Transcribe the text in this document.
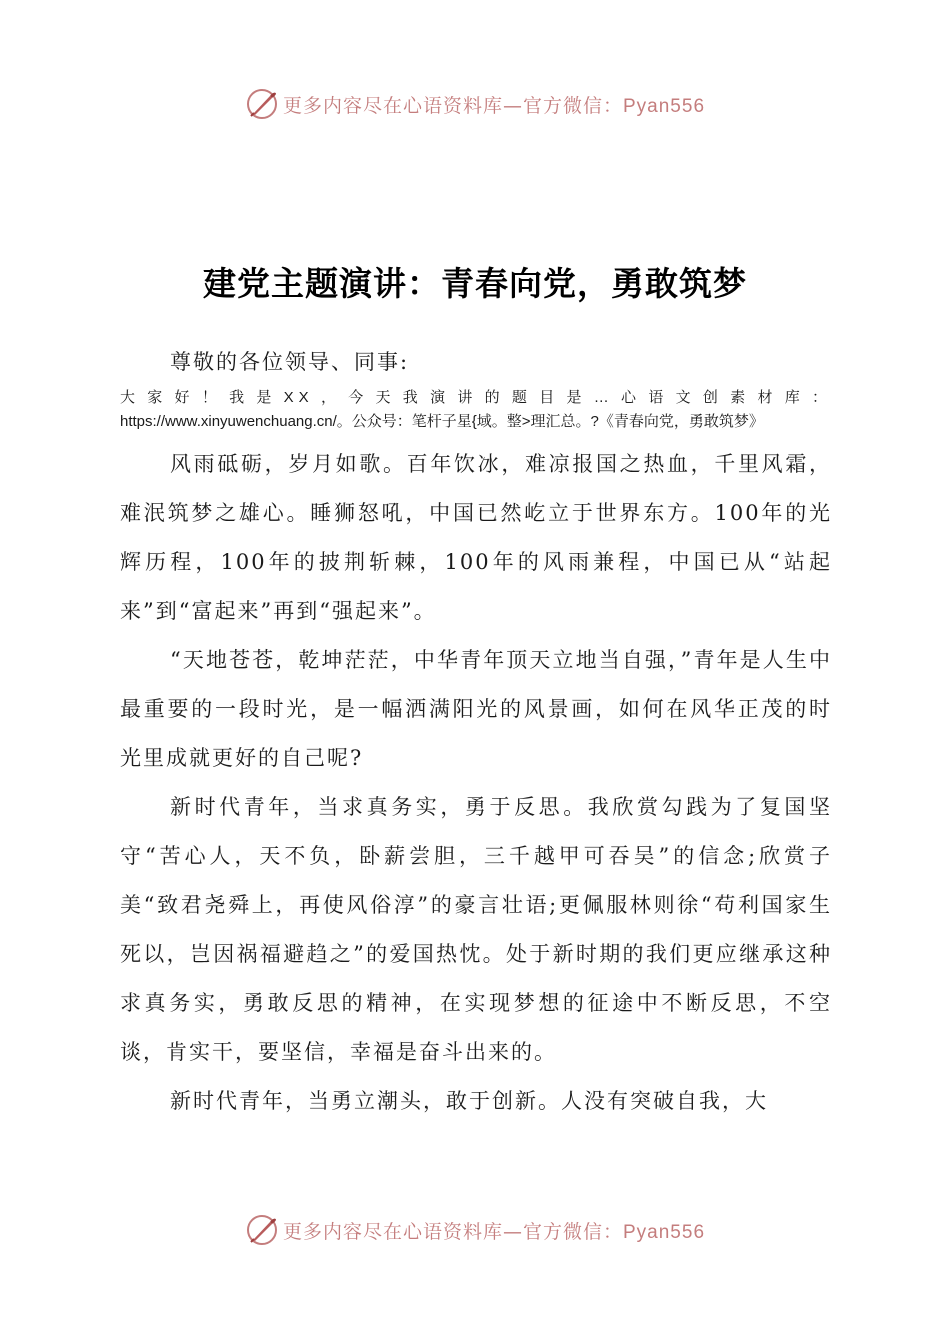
更多内容尽在心语资料库—官方微信：Pyan556
建党主题演讲：青春向党，勇敢筑梦

尊敬的各位领导、同事:

大家好！我是XX，今天我演讲的题目是…心语文创素材库：https://www.xinyuwenchuang.cn/。公众号：笔杆子星{域。整>理汇总。?《青春向党，勇敢筑梦》

风雨砥砺，岁月如歌。百年饮冰，难凉报国之热血，千里风霜，难泯筑梦之雄心。睡狮怒吼，中国已然屹立于世界东方。100年的光辉历程，100年的披荆斩棘，100年的风雨兼程，中国已从“站起来”到“富起来”再到“强起来”。

“天地苍苍，乾坤茫茫，中华青年顶天立地当自强，”青年是人生中最重要的一段时光，是一幅洒满阳光的风景画，如何在风华正茂的时光里成就更好的自己呢?

新时代青年，当求真务实，勇于反思。我欣赏勾践为了复国坚守“苦心人，天不负，卧薪尝胆，三千越甲可吞吴”的信念;欣赏子美“致君尧舜上，再使风俗淳”的豪言壮语;更佩服林则徐“苟利国家生死以，岂因祸福避趋之”的爱国热忱。处于新时期的我们更应继承这种求真务实，勇敢反思的精神，在实现梦想的征途中不断反思，不空谈，肯实干，要坚信，幸福是奋斗出来的。

新时代青年，当勇立潮头，敢于创新。人没有突破自我，大

更多内容尽在心语资料库—官方微信：Pyan556
